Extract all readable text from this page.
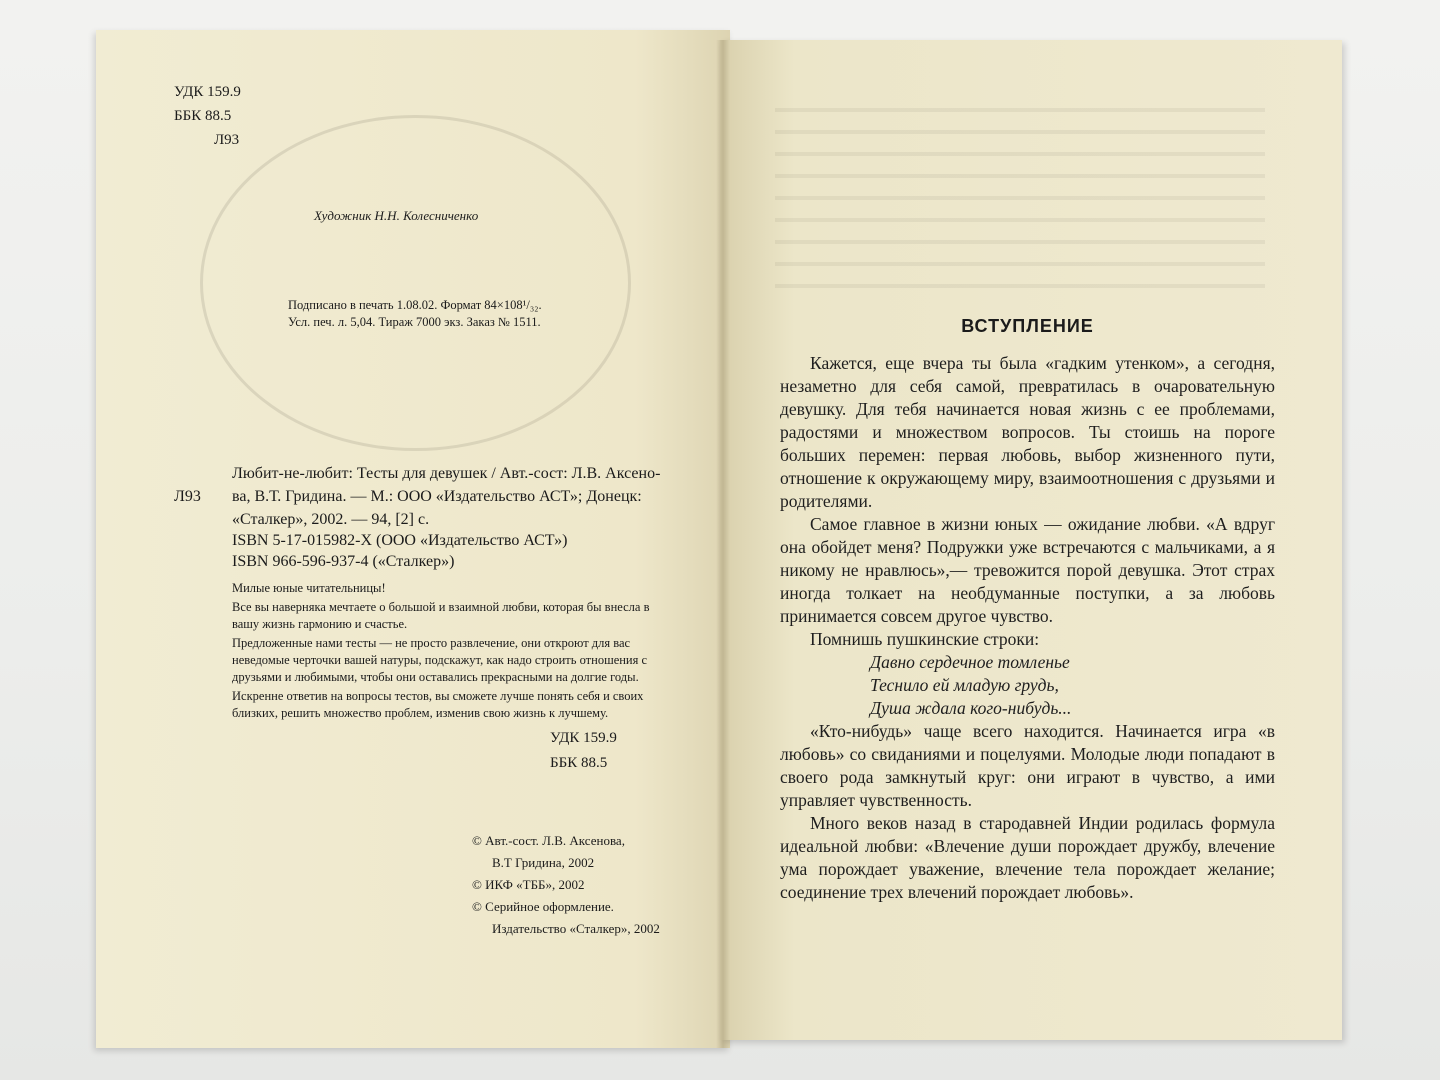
УДК 159.9
ББК 88.5
Л93
Художник Н.Н. Колесниченко
Подписано в печать 1.08.02. Формат 84×108¹/₃₂.
Усл. печ. л. 5,04. Тираж 7000 экз. Заказ № 1511.
Л93
Любит-не-любит: Тесты для девушек / Авт.-сост: Л.В. Аксено-
ва, В.Т. Гридина. — М.: ООО «Издательство АСТ»; Донецк:
«Сталкер», 2002. — 94, [2] с.
ISBN 5-17-015982-X (ООО «Издательство АСТ»)
ISBN 966-596-937-4 («Сталкер»)

Милые юные читательницы!

Все вы наверняка мечтаете о большой и взаимной любви, которая бы внесла в вашу жизнь гармонию и счастье.

Предложенные нами тесты — не просто развлечение, они откроют для вас неведомые черточки вашей натуры, подскажут, как надо строить отношения с друзьями и любимыми, чтобы они оставались прекрасными на долгие годы.

Искренне ответив на вопросы тестов, вы сможете лучше понять себя и своих близких, решить множество проблем, изменив свою жизнь к лучшему.

УДК 159.9
ББК 88.5
© Авт.-сост. Л.В. Аксенова,
В.Т Гридина, 2002
© ИКФ «ТББ», 2002
© Серийное оформление.
Издательство «Сталкер», 2002
ВСТУПЛЕНИЕ

Кажется, еще вчера ты была «гадким утенком», а сегодня, незаметно для себя самой, превратилась в очаровательную девушку. Для тебя начинается новая жизнь с ее проблемами, радостями и множеством вопросов. Ты стоишь на пороге больших перемен: первая любовь, выбор жизненного пути, отношение к окружающему миру, взаимоотношения с друзьями и родителями.

Самое главное в жизни юных — ожидание любви. «А вдруг она обойдет меня? Подружки уже встречаются с мальчиками, а я никому не нравлюсь»,— тревожится порой девушка. Этот страх иногда толкает на необдуманные поступки, а за любовь принимается совсем другое чувство.

Помнишь пушкинские строки:

Давно сердечное томленье
Теснило ей младую грудь,
Душа ждала кого-нибудь...

«Кто-нибудь» чаще всего находится. Начинается игра «в любовь» со свиданиями и поцелуями. Молодые люди попадают в своего рода замкнутый круг: они играют в чувство, а ими управляет чувственность.

Много веков назад в стародавней Индии родилась формула идеальной любви: «Влечение души порождает дружбу, влечение ума порождает уважение, влечение тела порождает желание; соединение трех влечений порождает любовь».
